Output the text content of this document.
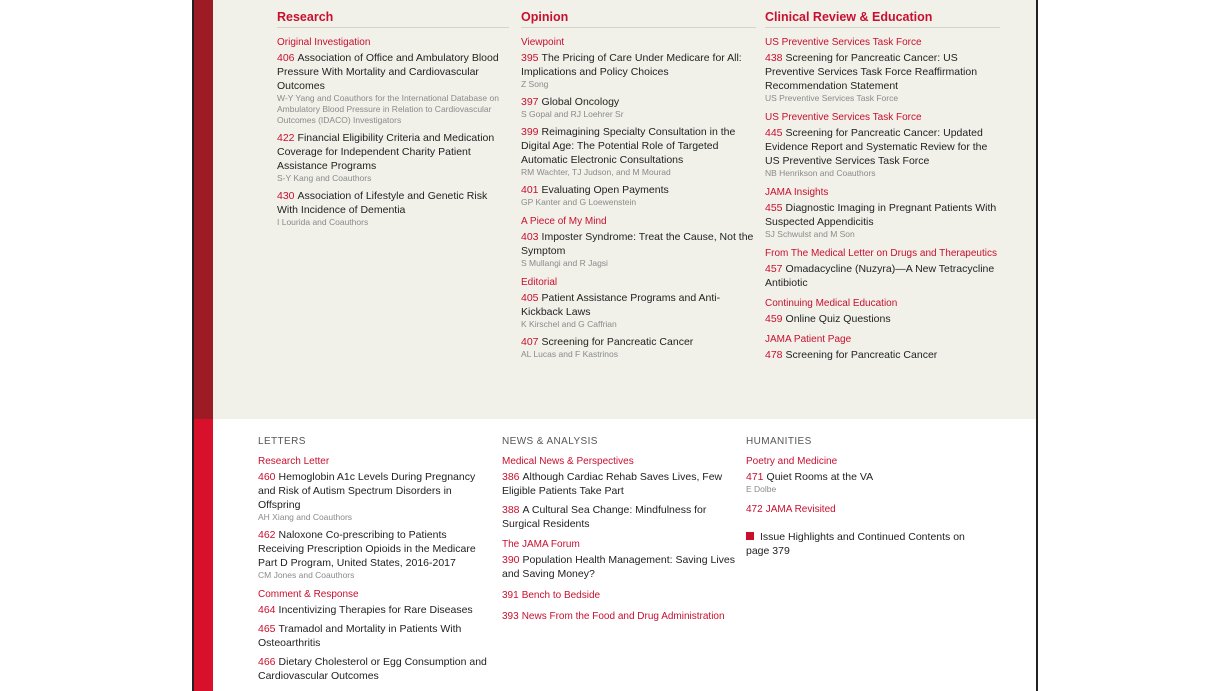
Research
Original Investigation
406 Association of Office and Ambulatory Blood Pressure With Mortality and Cardiovascular Outcomes
W-Y Yang and Coauthors for the International Database on Ambulatory Blood Pressure in Relation to Cardiovascular Outcomes (IDACO) Investigators
422 Financial Eligibility Criteria and Medication Coverage for Independent Charity Patient Assistance Programs
S-Y Kang and Coauthors
430 Association of Lifestyle and Genetic Risk With Incidence of Dementia
I Lourida and Coauthors
Opinion
Viewpoint
395 The Pricing of Care Under Medicare for All: Implications and Policy Choices
Z Song
397 Global Oncology
S Gopal and RJ Loehrer Sr
399 Reimagining Specialty Consultation in the Digital Age: The Potential Role of Targeted Automatic Electronic Consultations
RM Wachter, TJ Judson, and M Mourad
401 Evaluating Open Payments
GP Kanter and G Loewenstein
A Piece of My Mind
403 Imposter Syndrome: Treat the Cause, Not the Symptom
S Mullangi and R Jagsi
Editorial
405 Patient Assistance Programs and Anti-Kickback Laws
K Kirschel and G Caffrian
407 Screening for Pancreatic Cancer
AL Lucas and F Kastrinos
Clinical Review & Education
US Preventive Services Task Force
438 Screening for Pancreatic Cancer: US Preventive Services Task Force Reaffirmation Recommendation Statement
US Preventive Services Task Force
US Preventive Services Task Force
445 Screening for Pancreatic Cancer: Updated Evidence Report and Systematic Review for the US Preventive Services Task Force
NB Henrikson and Coauthors
JAMA Insights
455 Diagnostic Imaging in Pregnant Patients With Suspected Appendicitis
SJ Schwulst and M Son
From The Medical Letter on Drugs and Therapeutics
457 Omadacycline (Nuzyra)—A New Tetracycline Antibiotic
Continuing Medical Education
459 Online Quiz Questions
JAMA Patient Page
478 Screening for Pancreatic Cancer
LETTERS
Research Letter
460 Hemoglobin A1c Levels During Pregnancy and Risk of Autism Spectrum Disorders in Offspring
AH Xiang and Coauthors
462 Naloxone Co-prescribing to Patients Receiving Prescription Opioids in the Medicare Part D Program, United States, 2016-2017
CM Jones and Coauthors
Comment & Response
464 Incentivizing Therapies for Rare Diseases
465 Tramadol and Mortality in Patients With Osteoarthritis
466 Dietary Cholesterol or Egg Consumption and Cardiovascular Outcomes
NEWS & ANALYSIS
Medical News & Perspectives
386 Although Cardiac Rehab Saves Lives, Few Eligible Patients Take Part
388 A Cultural Sea Change: Mindfulness for Surgical Residents
The JAMA Forum
390 Population Health Management: Saving Lives and Saving Money?
391 Bench to Bedside
393 News From the Food and Drug Administration
HUMANITIES
Poetry and Medicine
471 Quiet Rooms at the VA
E Dolbe
472 JAMA Revisited
Issue Highlights and Continued Contents on page 379
